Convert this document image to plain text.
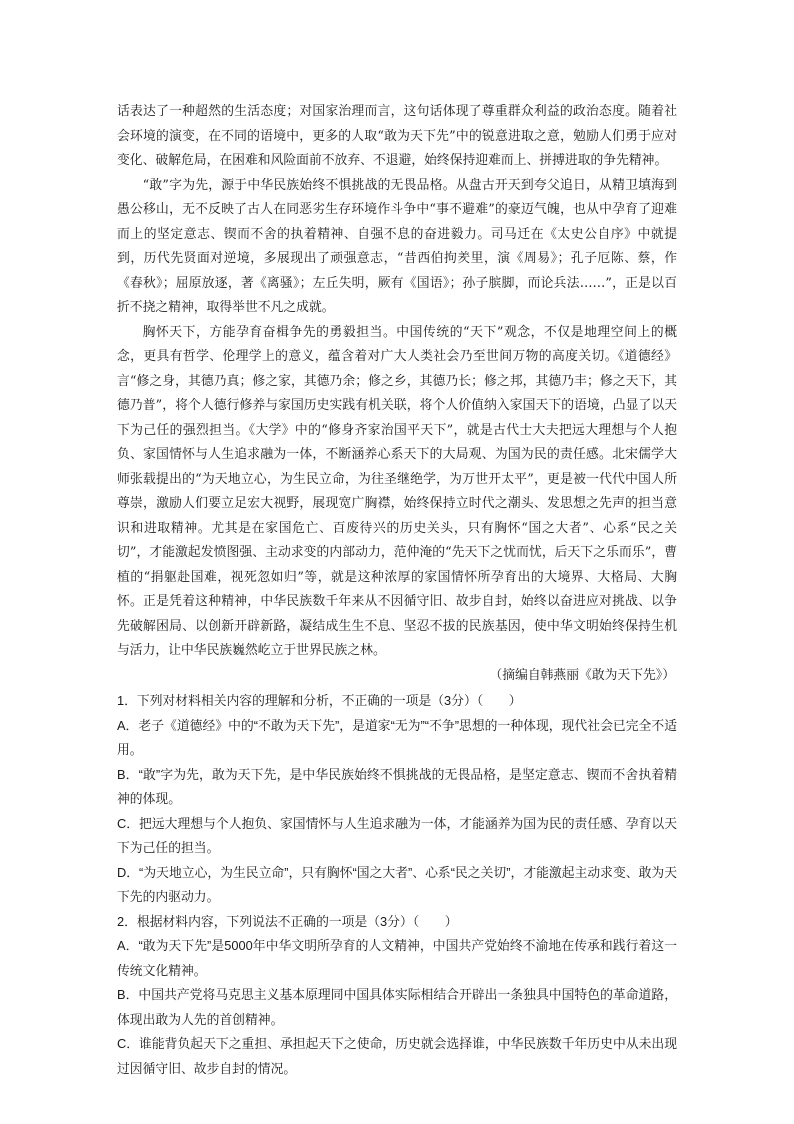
话表达了一种超然的生活态度；对国家治理而言，这句话体现了尊重群众利益的政治态度。随着社会环境的演变，在不同的语境中，更多的人取“敢为天下先”中的锐意进取之意，勉励人们勇于应对变化、破解危局，在困难和风险面前不放弃、不退避，始终保持迎难而上、拼搏进取的争先精神。

“敢”字为先，源于中华民族始终不惧挑战的无畏品格。从盘古开天到夸父追日，从精卫填海到愚公移山，无不反映了古人在同恶劣生存环境作斗争中“事不避难”的豪迈气魄，也从中孕育了迎难而上的坚定意志、锲而不舍的执着精神、自强不息的奋进毅力。司马迁在《太史公自序》中就提到，历代先贤面对逆境，多展现出了顽强意志，“昔西伯拘羑里，演《周易》；孔子厄陈、蔡，作《春秋》；屈原放逐，著《离骚》；左丘失明，厥有《国语》；孙子膑脚，而论兵法……”，正是以百折不挠之精神，取得举世不凡之成就。

胸怀天下，方能孕育奋楫争先的勇毅担当。中国传统的“天下”观念，不仅是地理空间上的概念，更具有哲学、伦理学上的意义，蕴含着对广大人类社会乃至世间万物的高度关切。《道德经》言“修之身，其德乃真；修之家，其德乃余；修之乡，其德乃长；修之邦，其德乃丰；修之天下，其德乃普”，将个人德行修养与家国历史实践有机关联，将个人价值纳入家国天下的语境，凸显了以天下为己任的强烈担当。《大学》中的“修身齐家治国平天下”，就是古代士大夫把远大理想与个人抱负、家国情怀与人生追求融为一体，不断涵养心系天下的大局观、为国为民的责任感。北宋儒学大师张载提出的“为天地立心，为生民立命，为往圣继绝学，为万世开太平”，更是被一代代中国人所尊崇，激励人们要立足宏大视野，展现宽广胸襟，始终保持立时代之潮头、发思想之先声的担当意识和进取精神。尤其是在家国危亡、百废待兴的历史关头，只有胸怀“国之大者”、心系“民之关切”，才能激起发愤图强、主动求变的内部动力，范仲淹的“先天下之忧而忧，后天下之乐而乐”，曹植的“捐躯赴国难，视死忽如归”等，就是这种浓厚的家国情怀所孕育出的大境界、大格局、大胸怀。正是凭着这种精神，中华民族数千年来从不因循守旧、故步自封，始终以奋进应对挑战、以争先破解困局、以创新开辟新路，凝结成生生不息、坚忍不拔的民族基因，使中华文明始终保持生机与活力，让中华民族巍然屹立于世界民族之林。

（摘编自韩燕丽《敢为天下先》）

1．下列对材料相关内容的理解和分析，不正确的一项是（3分）（　　）

A．老子《道德经》中的“不敢为天下先”，是道家“无为”“不争”思想的一种体现，现代社会已完全不适用。

B．“敢”字为先，敢为天下先，是中华民族始终不惧挑战的无畏品格，是坚定意志、锲而不舍执着精神的体现。

C．把远大理想与个人抱负、家国情怀与人生追求融为一体，才能涵养为国为民的责任感、孕育以天下为己任的担当。

D．“为天地立心，为生民立命”，只有胸怀“国之大者”、心系“民之关切”，才能激起主动求变、敢为天下先的内驱动力。

2．根据材料内容，下列说法不正确的一项是（3分）（　　）

A．“敢为天下先”是5000年中华文明所孕育的人文精神，中国共产党始终不渝地在传承和践行着这一传统文化精神。

B．中国共产党将马克思主义基本原理同中国具体实际相结合开辟出一条独具中国特色的革命道路，体现出敢为人先的首创精神。

C．谁能背负起天下之重担、承担起天下之使命，历史就会选择谁，中华民族数千年历史中从未出现过因循守旧、故步自封的情况。
